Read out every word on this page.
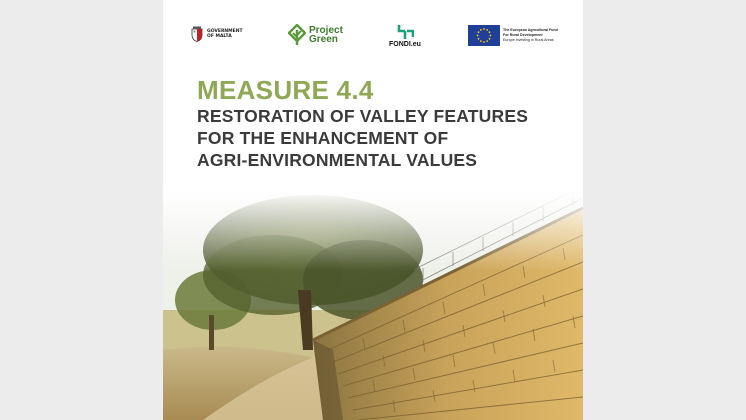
GOVERNMENT
OF MALTA
Project
Green	FONDI.eu
The European Agricultural Fund
For Rural Development
Europe Investing in Rural Areas
MEASURE 4.4
RESTORATION OF VALLEY FEATURES
FOR THE ENHANCEMENT OF
AGRI-ENVIRONMENTAL VALUES
